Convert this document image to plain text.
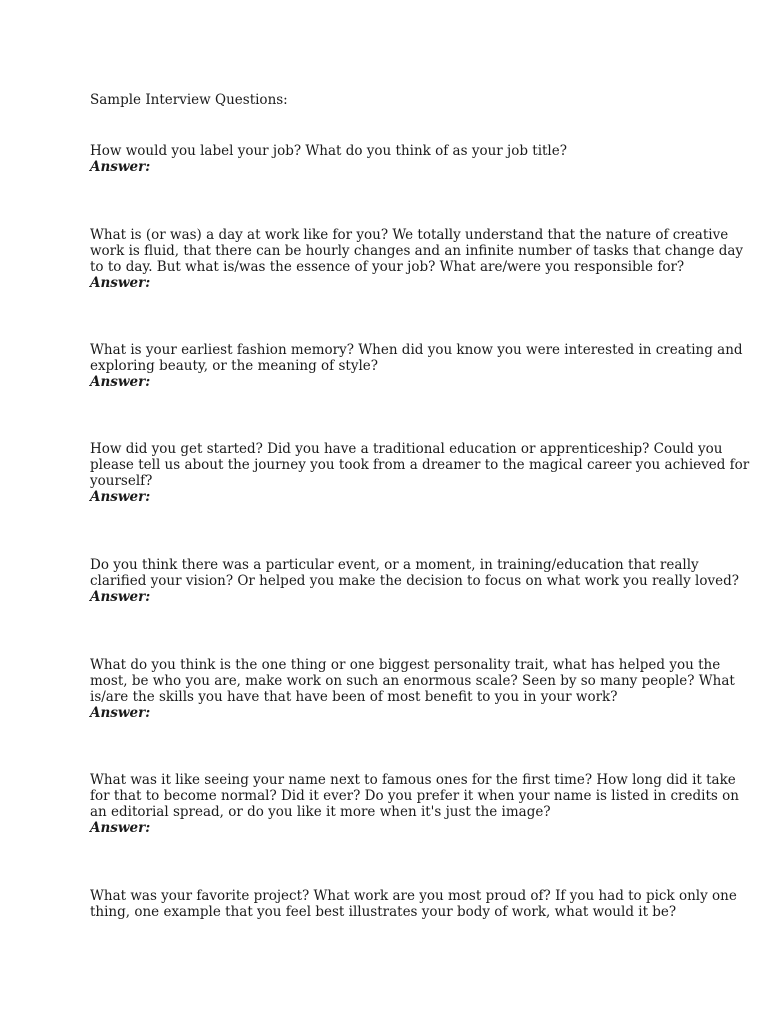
Sample Interview Questions:
How would you label your job? What do you think of as your job title?
Answer:
What is (or was) a day at work like for you? We totally understand that the nature of creative
work is fluid, that there can be hourly changes and an infinite number of tasks that change day
to to day. But what is/was the essence of your job? What are/were you responsible for?
Answer:
What is your earliest fashion memory? When did you know you were interested in creating and
exploring beauty, or the meaning of style?
Answer:
How did you get started? Did you have a traditional education or apprenticeship? Could you
please tell us about the journey you took from a dreamer to the magical career you achieved for
yourself?
Answer:
Do you think there was a particular event, or a moment, in training/education that really
clarified your vision? Or helped you make the decision to focus on what work you really loved?
Answer:
What do you think is the one thing or one biggest personality trait, what has helped you the
most, be who you are, make work on such an enormous scale? Seen by so many people? What
is/are the skills you have that have been of most benefit to you in your work?
Answer:
What was it like seeing your name next to famous ones for the first time? How long did it take
for that to become normal? Did it ever? Do you prefer it when your name is listed in credits on
an editorial spread, or do you like it more when it's just the image?
Answer:
What was your favorite project? What work are you most proud of? If you had to pick only one
thing, one example that you feel best illustrates your body of work, what would it be?
